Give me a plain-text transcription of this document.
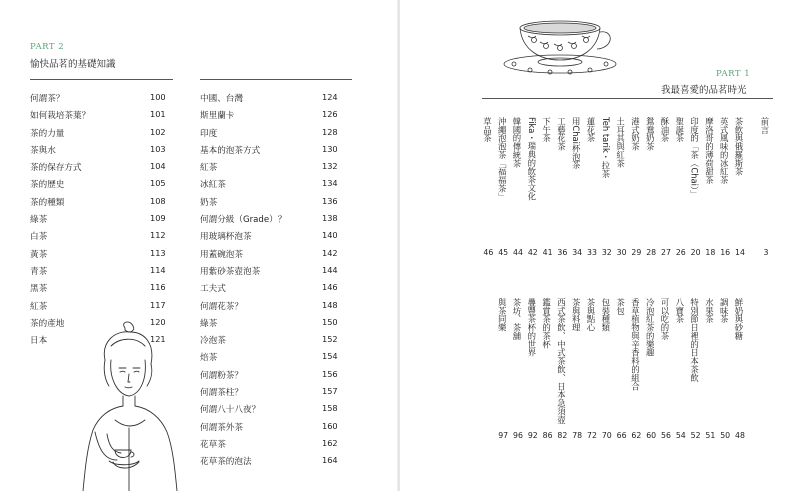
PART 2
愉快品茗的基礎知識
何謂茶？	100
如何栽培茶葉？	101
茶的力量	102
茶與水	103
茶的保存方式	104
茶的歷史	105
茶的種類	108
綠茶	109
白茶	112
黃茶	113
青茶	114
黑茶	116
紅茶	117
茶的產地	120
日本	121
中國、台灣	124
斯里蘭卡	126
印度	128
基本的泡茶方式	130
紅茶	132
冰紅茶	134
奶茶	136
何謂分級（Grade）？	138
用玻璃杯泡茶	140
用蓋碗泡茶	142
用紫砂茶壺泡茶	144
工夫式	146
何謂花茶？	148
綠茶	150
冷泡茶	152
焙茶	154
何謂粉茶？	156
何謂茶柱？	157
何謂八十八夜？	158
何謂茶外茶	160
花草茶	162
花草茶的泡法	164
PART 1
我最喜愛的品茗時光
茶飲與俄羅斯茶
14
英式風味的冰紅茶
16
摩洛哥的薄荷甜茶
18
印度的「茶（Chai）」
20
聖誕茶
26
酥油茶
27
鴛鴦奶茶
28
港式奶茶
29
土耳其與紅茶
30
Teh tarik・拉茶
32
蓮花茶
33
用Chai杯泡茶
34
工藝花茶
36
下午茶
41
Fika・瑞典的飲茶文化
42
韓國的傳統茶
44
沖繩泡泡茶「福福茶」
45
草品茶
46
鮮奶與砂糖
48
調味茶
50
水果茶
51
特別節日裡的日本茶飲
52
八寶茶
54
可以吃的茶
56
冷泡紅茶的樂趣
60
香草植物與辛香料的組合
62
茶包
66
包裝種類
70
茶與點心
72
茶與料理
78
西式茶飲、中式茶飲、日本急須壺
82
鑑賞茶的茶杯
86
疊豐茶杯的世界
92
茶坊、茶舖
96
與茶同樂
97
前言
3
